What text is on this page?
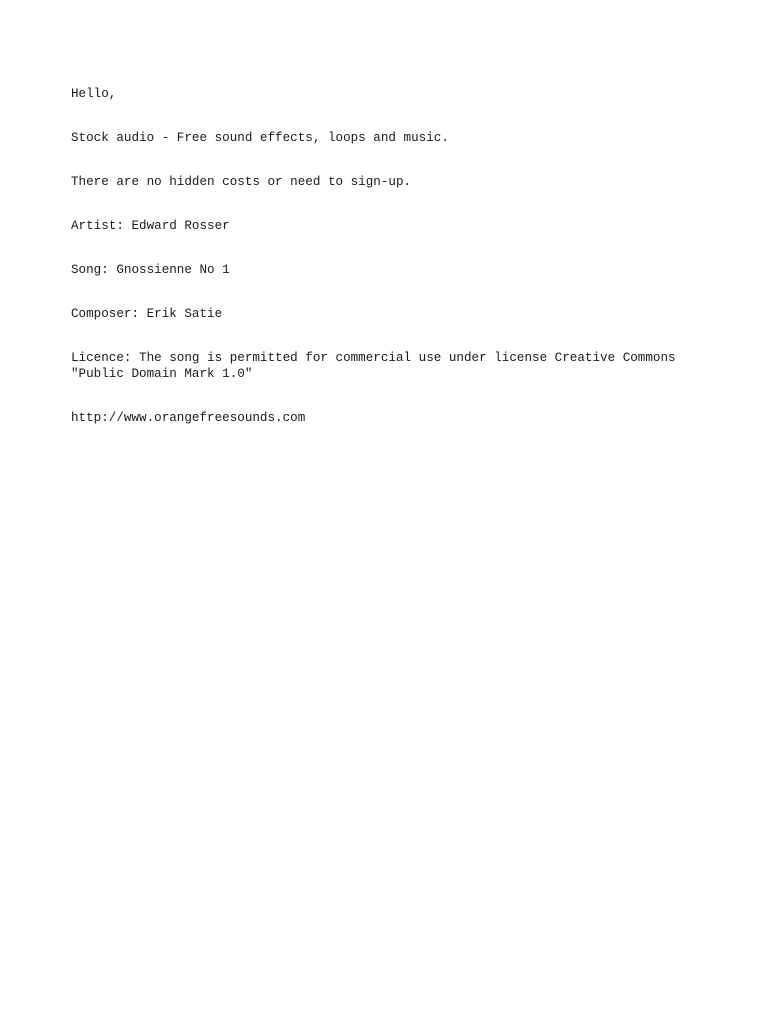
Hello,

Stock audio - Free sound effects, loops and music.

There are no hidden costs or need to sign-up.

Artist: Edward Rosser

Song: Gnossienne No 1

Composer: Erik Satie

Licence: The song is permitted for commercial use under license Creative Commons
"Public Domain Mark 1.0"

http://www.orangefreesounds.com
